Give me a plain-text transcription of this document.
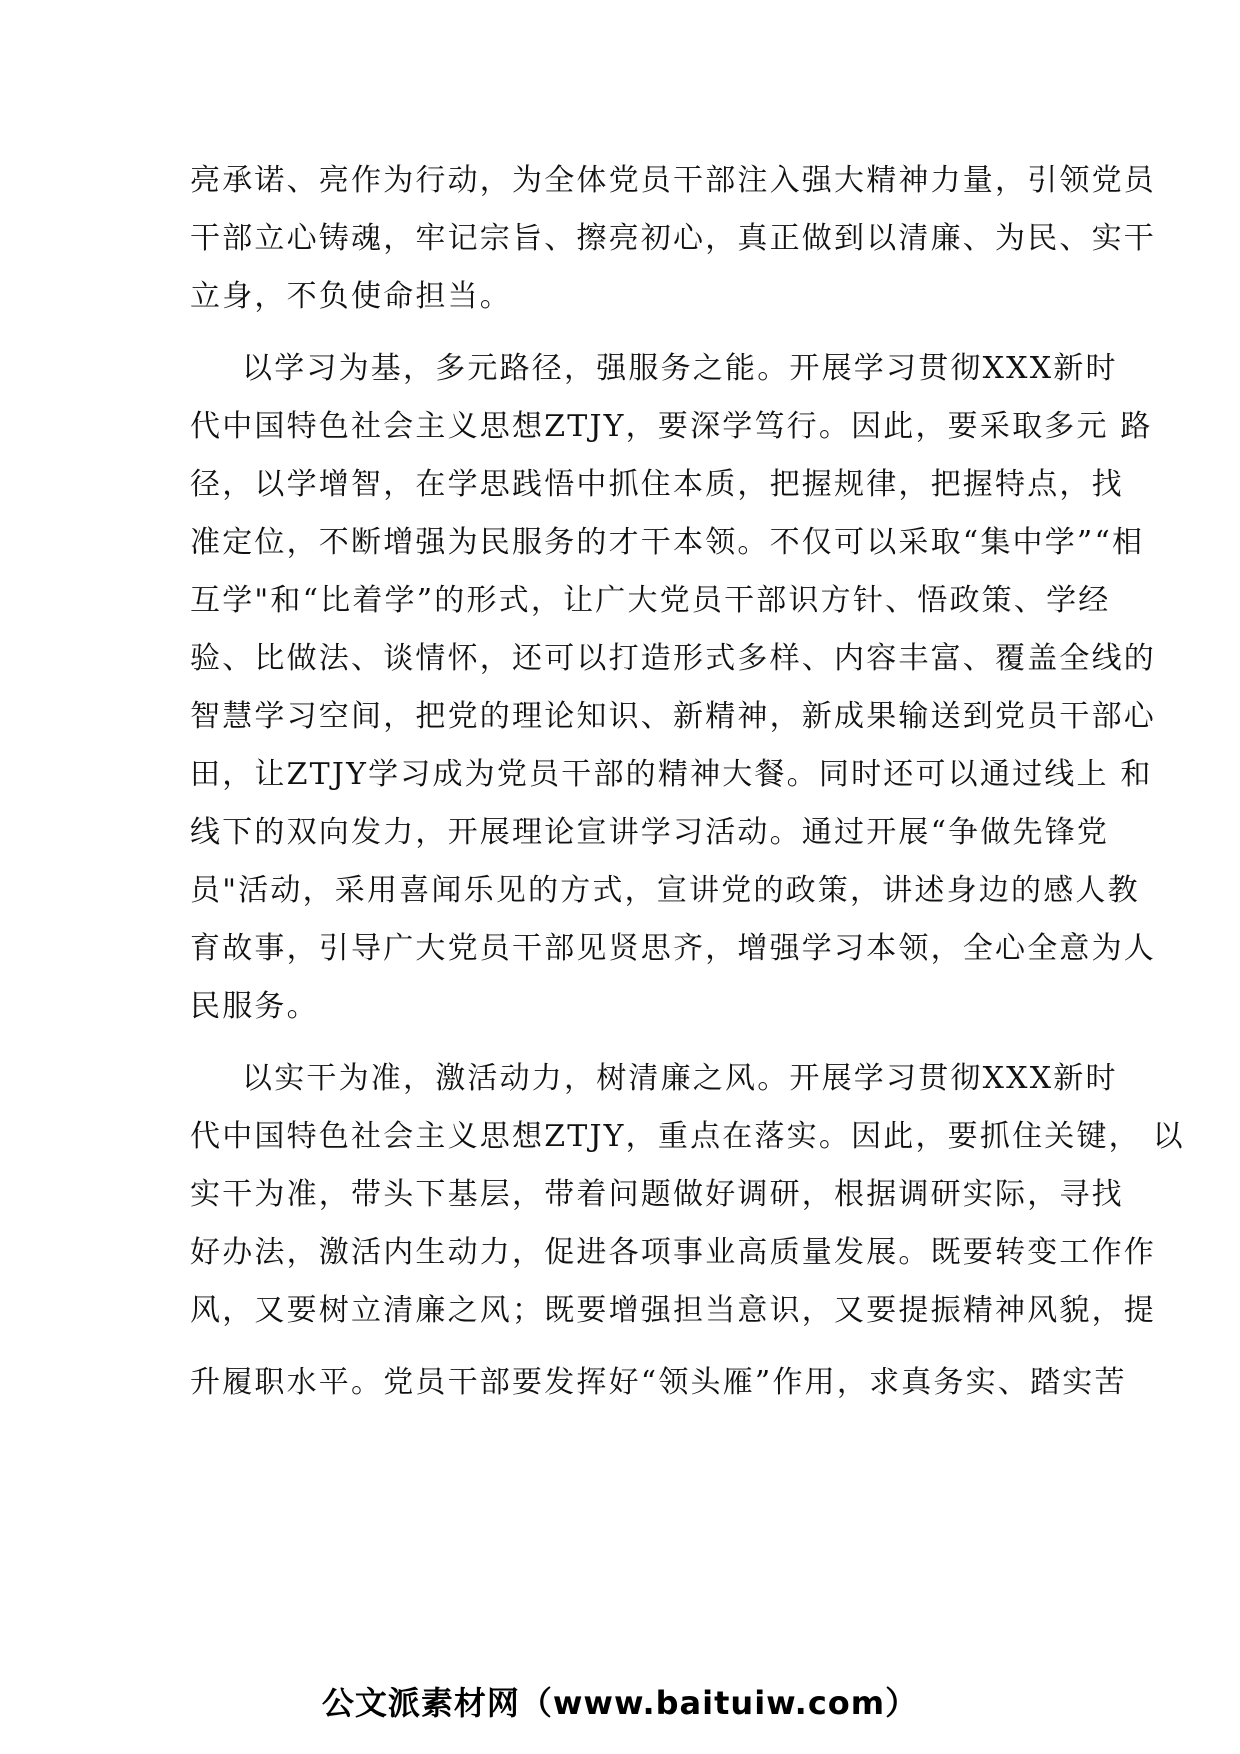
亮承诺、亮作为行动，为全体党员干部注入强大精神力量，引领党员
干部立心铸魂，牢记宗旨、擦亮初心，真正做到以清廉、为民、实干
立身，不负使命担当。
以学习为基，多元路径，强服务之能。开展学习贯彻XXX新时
代中国特色社会主义思想ZTJY，要深学笃行。因此，要采取多元 路
径，以学增智，在学思践悟中抓住本质，把握规律，把握特点，找
准定位，不断增强为民服务的才干本领。不仅可以采取“集中学”“相
互学"和“比着学”的形式，让广大党员干部识方针、悟政策、学经
验、比做法、谈情怀，还可以打造形式多样、内容丰富、覆盖全线的
智慧学习空间，把党的理论知识、新精神，新成果输送到党员干部心
田，让ZTJY学习成为党员干部的精神大餐。同时还可以通过线上 和
线下的双向发力，开展理论宣讲学习活动。通过开展“争做先锋党
员"活动，采用喜闻乐见的方式，宣讲党的政策，讲述身边的感人教
育故事，引导广大党员干部见贤思齐，增强学习本领，全心全意为人
民服务。
以实干为准，激活动力，树清廉之风。开展学习贯彻XXX新时
代中国特色社会主义思想ZTJY，重点在落实。因此，要抓住关键， 以
实干为准，带头下基层，带着问题做好调研，根据调研实际，寻找
好办法，激活内生动力，促进各项事业高质量发展。既要转变工作作
风，又要树立清廉之风；既要增强担当意识，又要提振精神风貌，提
升履职水平。党员干部要发挥好“领头雁”作用，求真务实、踏实苦
公文派素材网（www.baituiw.com）
